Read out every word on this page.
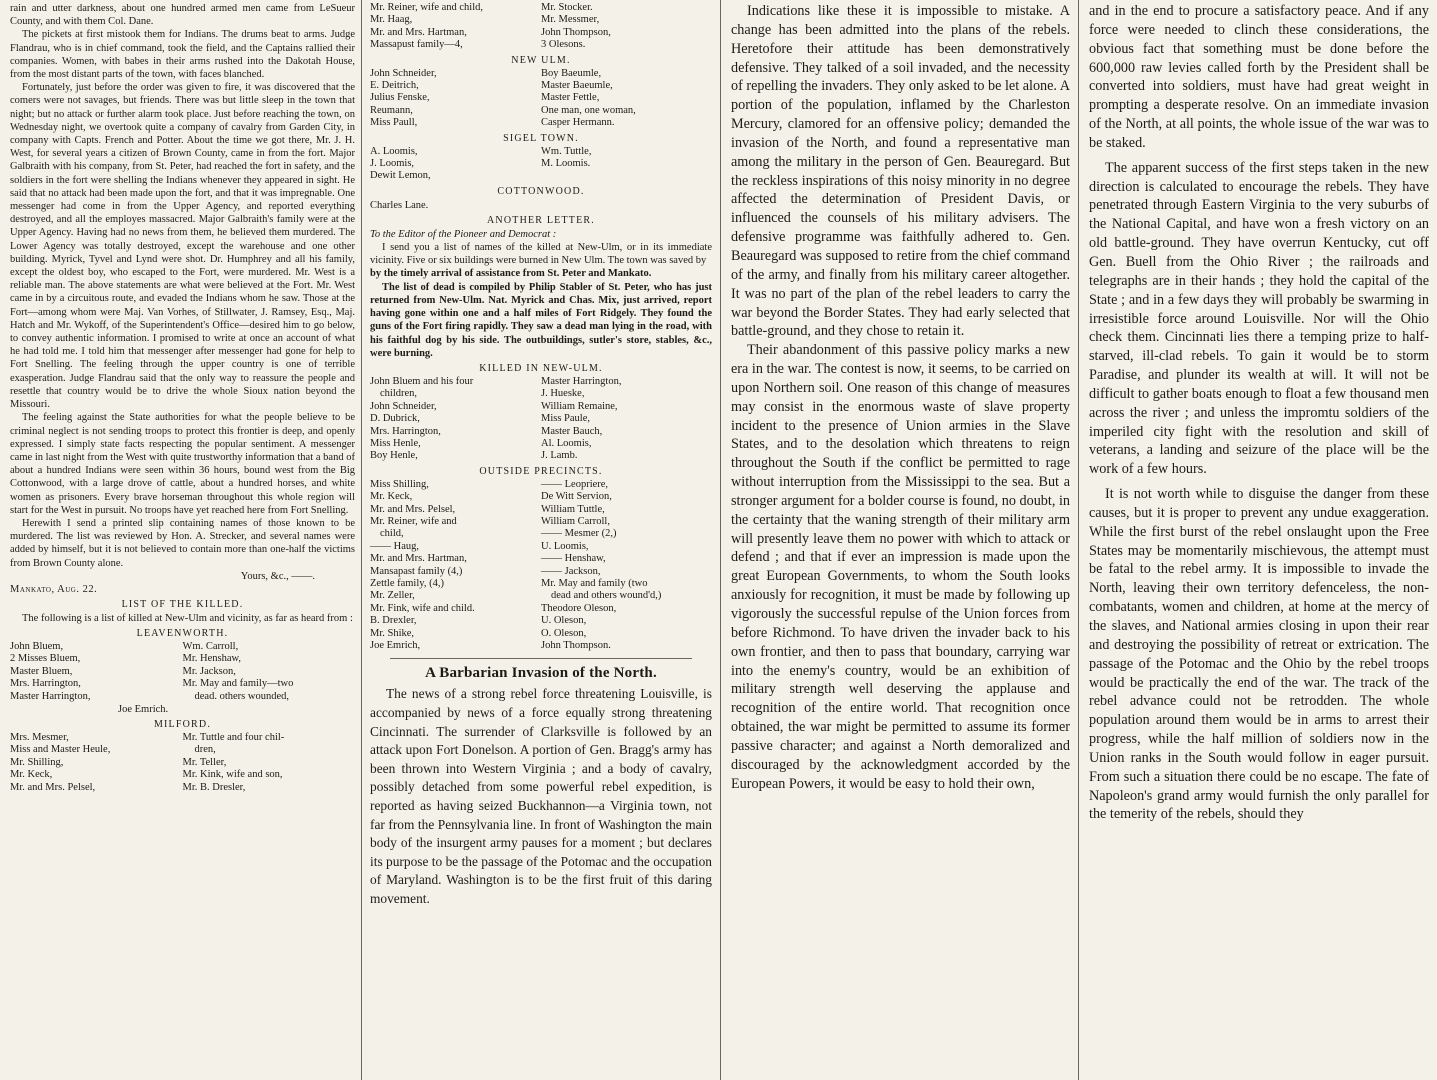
rain and utter darkness, about one hundred armed men came from LeSueur County, and with them Col. Dane.

The pickets at first mistook them for Indians. The drums beat to arms. Judge Flandrau, who is in chief command, took the field, and the Captains rallied their companies. Women, with babes in their arms rushed into the Dakotah House, from the most distant parts of the town, with faces blanched.

Fortunately, just before the order was given to fire, it was discovered that the comers were not savages, but friends. There was but little sleep in the town that night; but no attack or further alarm took place. Just before reaching the town, on Wednesday night, we overtook quite a company of cavalry from Garden City, in company with Capts. French and Potter. About the time we got there, Mr. J. H. West, for several years a citizen of Brown County, came in from the fort. Major Galbraith with his company, from St. Peter, had reached the fort in safety, and the soldiers in the fort were shelling the Indians whenever they appeared in sight. He said that no attack had been made upon the fort, and that it was impregnable. One messenger had come in from the Upper Agency, and reported everything destroyed, and all the employes massacred. Major Galbraith's family were at the Upper Agency. Having had no news from them, he believed them murdered. The Lower Agency was totally destroyed, except the warehouse and one other building. Myrick, Tyvel and Lynd were shot. Dr. Humphrey and all his family, except the oldest boy, who escaped to the Fort, were murdered. Mr. West is a reliable man. The above statements are what were believed at the Fort. Mr. West came in by a circuitous route, and evaded the Indians whom he saw. Those at the Fort—among whom were Maj. Van Vorhes, of Stillwater, J. Ramsey, Esq., Maj. Hatch and Mr. Wykoff, of the Superintendent's Office—desired him to go below, to convey authentic information. I promised to write at once an account of what he had told me. I told him that messenger after messenger had gone for help to Fort Snelling. The feeling through the upper country is one of terrible exasperation. Judge Flandrau said that the only way to reassure the people and resettle that country would be to drive the whole Sioux nation beyond the Missouri.

The feeling against the State authorities for what the people believe to be criminal neglect is not sending troops to protect this frontier is deep, and openly expressed. I simply state facts respecting the popular sentiment. A messenger came in last night from the West with quite trustworthy information that a band of about a hundred Indians were seen within 36 hours, bound west from the Big Cottonwood, with a large drove of cattle, about a hundred horses, and white women as prisoners. Every brave horseman throughout this whole region will start for the West in pursuit. No troops have yet reached here from Fort Snelling.

Herewith I send a printed slip containing names of those known to be murdered. The list was reviewed by Hon. A. Strecker, and several names were added by himself, but it is not believed to contain more than one-half the victims from Brown County alone.

Yours, &c., ——.
Mankato, Aug. 22.
LIST OF THE KILLED.

The following is a list of killed at New-Ulm and vicinity, as far as heard from :

LEAVENWORTH.
John Bluem,	Wm. Carroll,
2 Misses Bluem,	Mr. Henshaw,
Master Bluem,	Mr. Jackson,
Mrs. Harrington,	Mr. May and family—two
Master Harrington,	dead. others wounded,
Joe Emrich.
MILFORD.
Mrs. Mesmer,	Mr. Tuttle and four chil-
Miss and Master Heule,	dren,
Mr. Shilling,	Mr. Teller,
Mr. Keck,	Mr. Kink, wife and son,
Mr. and Mrs. Pelsel,	Mr. B. Dresler,
Mr. Reiner, wife and child,	Mr. Stocker.
Mr. Haag,	Mr. Messmer,
Mr. and Mrs. Hartman,	John Thompson,
Massapust family—4,	3 Olesons.
NEW ULM.
John Schneider,	Boy Baeumle,
E. Deitrich,	Master Baeumle,
Julius Fenske,	Master Fettle,
Reumann,	One man, one woman,
Miss Paull,	Casper Hermann.
SIGEL TOWN.
A. Loomis,	Wm. Tuttle,
J. Loomis,	M. Loomis.
Dewit Lemon,	
COTTONWOOD.
Charles Lane.
ANOTHER LETTER.

To the Editor of the Pioneer and Democrat :

I send you a list of names of the killed at New-Ulm, or in its immediate vicinity. Five or six buildings were burned in New Ulm. The town was saved by

by the timely arrival of assistance from St. Peter and Mankato.

The list of dead is compiled by Philip Stabler of St. Peter, who has just returned from New-Ulm. Nat. Myrick and Chas. Mix, just arrived, report having gone within one and a half miles of Fort Ridgely. They found the guns of the Fort firing rapidly. They saw a dead man lying in the road, with his faithful dog by his side. The outbuildings, sutler's store, stables, &c., were burning.

KILLED IN NEW-ULM.
John Bluem and his four	Master Harrington,
children,	J. Hueske,
John Schneider,	William Remaine,
D. Dubrick,	Miss Paule,
Mrs. Harrington,	Master Bauch,
Miss Henle,	Al. Loomis,
Boy Henle,	J. Lamb.
OUTSIDE PRECINCTS.
Miss Shilling,	—— Leopriere,
Mr. Keck,	De Witt Servion,
Mr. and Mrs. Pelsel,	William Tuttle,
Mr. Reiner, wife and	William Carroll,
child,	—— Mesmer (2,)
—— Haug,	U. Loomis,
Mr. and Mrs. Hartman,	—— Henshaw,
Mansapast family (4,)	—— Jackson,
Zettle family, (4,)	Mr. May and family (two
Mr. Zeller,	dead and others wound'd,)
Mr. Fink, wife and child.	Theodore Oleson,
B. Drexler,	U. Oleson,
Mr. Shike,	O. Oleson,
Joe Emrich,	John Thompson.
A Barbarian Invasion of the North.

The news of a strong rebel force threatening Louisville, is accompanied by news of a force equally strong threatening Cincinnati. The surrender of Clarksville is followed by an attack upon Fort Donelson. A portion of Gen. Bragg's army has been thrown into Western Virginia ; and a body of cavalry, possibly detached from some powerful rebel expedition, is reported as having seized Buckhannon—a Virginia town, not far from the Pennsylvania line. In front of Washington the main body of the insurgent army pauses for a moment ; but declares its purpose to be the passage of the Potomac and the occupation of Maryland. Washington is to be the first fruit of this daring movement.

Indications like these it is impossible to mistake. A change has been admitted into the plans of the rebels. Heretofore their attitude has been demonstratively defensive. They talked of a soil invaded, and the necessity of repelling the invaders. They only asked to be let alone. A portion of the population, inflamed by the Charleston Mercury, clamored for an offensive policy; demanded the invasion of the North, and found a representative man among the military in the person of Gen. Beauregard. But the reckless inspirations of this noisy minority in no degree affected the determination of President Davis, or influenced the counsels of his military advisers. The defensive programme was faithfully adhered to. Gen. Beauregard was supposed to retire from the chief command of the army, and finally from his military career altogether. It was no part of the plan of the rebel leaders to carry the war beyond the Border States. They had early selected that battle-ground, and they chose to retain it.

Their abandonment of this passive policy marks a new era in the war. The contest is now, it seems, to be carried on upon Northern soil. One reason of this change of measures may consist in the enormous waste of slave property incident to the presence of Union armies in the Slave States, and to the desolation which threatens to reign throughout the South if the conflict be permitted to rage without interruption from the Mississippi to the sea. But a stronger argument for a bolder course is found, no doubt, in the certainty that the waning strength of their military arm will presently leave them no power with which to attack or defend ; and that if ever an impression is made upon the great European Governments, to whom the South looks anxiously for recognition, it must be made by following up vigorously the successful repulse of the Union forces from before Richmond. To have driven the invader back to his own frontier, and then to pass that boundary, carrying war into the enemy's country, would be an exhibition of military strength well deserving the applause and recognition of the entire world. That recognition once obtained, the war might be permitted to assume its former passive character; and against a North demoralized and discouraged by the acknowledgment accorded by the European Powers, it would be easy to hold their own,

and in the end to procure a satisfactory peace. And if any force were needed to clinch these considerations, the obvious fact that something must be done before the 600,000 raw levies called forth by the President shall be converted into soldiers, must have had great weight in prompting a desperate resolve. On an immediate invasion of the North, at all points, the whole issue of the war was to be staked.

The apparent success of the first steps taken in the new direction is calculated to encourage the rebels. They have penetrated through Eastern Virginia to the very suburbs of the National Capital, and have won a fresh victory on an old battle-ground. They have overrun Kentucky, cut off Gen. Buell from the Ohio River ; the railroads and telegraphs are in their hands ; they hold the capital of the State ; and in a few days they will probably be swarming in irresistible force around Louisville. Nor will the Ohio check them. Cincinnati lies there a temping prize to half-starved, ill-clad rebels. To gain it would be to storm Paradise, and plunder its wealth at will. It will not be difficult to gather boats enough to float a few thousand men across the river ; and unless the impromtu soldiers of the imperiled city fight with the resolution and skill of veterans, a landing and seizure of the place will be the work of a few hours.

It is not worth while to disguise the danger from these causes, but it is proper to prevent any undue exaggeration. While the first burst of the rebel onslaught upon the Free States may be momentarily mischievous, the attempt must be fatal to the rebel army. It is impossible to invade the North, leaving their own territory defenceless, the non-combatants, women and children, at home at the mercy of the slaves, and National armies closing in upon their rear and destroying the possibility of retreat or extrication. The passage of the Potomac and the Ohio by the rebel troops would be practically the end of the war. The track of the rebel advance could not be retrodden. The whole population around them would be in arms to arrest their progress, while the half million of soldiers now in the Union ranks in the South would follow in eager pursuit. From such a situation there could be no escape. The fate of Napoleon's grand army would furnish the only parallel for the temerity of the rebels, should they
